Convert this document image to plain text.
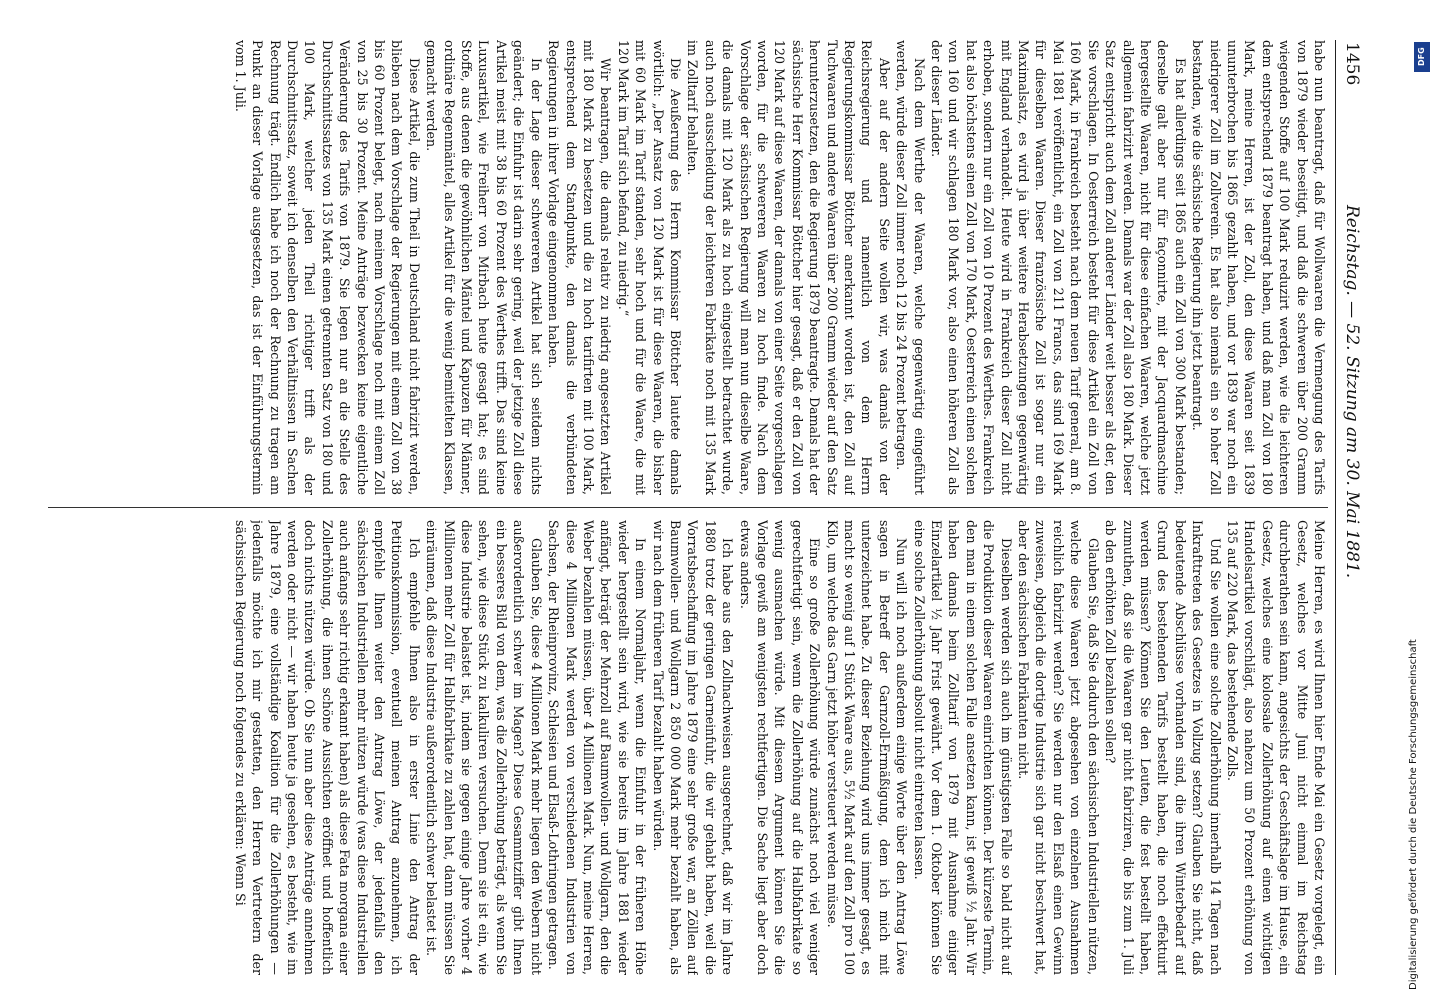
1456
Reichstag. — 52. Sitzung am 30. Mai 1881.

habe nun beantragt, daß für Wollwaaren die Vermengung des Tarifs von 1879 wieder beseitigt, und daß die schweren über 200 Gramm wiegenden Stoffe auf 100 Mark reduzirt werden, wie die leichteren dem entsprechend 1879 beantragt haben, und daß man Zoll von 180 Mark, meine Herren, ist der Zoll, den diese Waaren seit 1839 ununterbrochen bis 1865 gezahlt haben, und vor 1839 war noch ein niedrigerer Zoll im Zollverein. Es hat also niemals ein so hoher Zoll bestanden, wie die sächsische Regierung ihn jetzt beantragt.

Es hat allerdings seit 1865 auch ein Zoll von 300 Mark bestanden; derselbe galt aber nur für façonnirte, mit der Jacquardmaschine hergestellte Waaren, nicht für diese einfachen Waaren, welche jetzt allgemein fabrizirt werden. Damals war der Zoll also 180 Mark. Dieser Satz entspricht auch dem Zoll anderer Länder weit besser als der, den Sie vorschlagen. In Oesterreich besteht für diese Artikel ein Zoll von 160 Mark, in Frankreich besteht nach dem neuen Tarif general, am 8. Mai 1881 veröffentlicht, ein Zoll von 211 Francs, das sind 169 Mark für dieselben Waaren. Dieser französische Zoll ist sogar nur ein Maximalsatz, es wird ja über weitere Herabsetzungen gegenwärtig mit England verhandelt. Heute wird in Frankreich dieser Zoll nicht erhoben, sondern nur ein Zoll von 10 Prozent des Werthes. Frankreich hat also höchstens einen Zoll von 170 Mark, Oesterreich einen solchen von 160 und wir schlagen 180 Mark vor, also einen höheren Zoll als der dieser Länder.

Nach dem Werthe der Waaren, welche gegenwärtig eingeführt werden, würde dieser Zoll immer noch 12 bis 24 Prozent betragen.

Aber auf der andern Seite wollen wir, was damals von der Reichsregierung und namentlich von dem Herrn Regierungskommissar Böttcher anerkannt worden ist, den Zoll auf Tuchwaaren und andere Waaren über 200 Gramm wieder auf den Satz herunterzusetzen, den die Regierung 1879 beantragte. Damals hat der sächsische Herr Kommissar Böttcher hier gesagt, daß er den Zoll von 120 Mark auf diese Waaren, der damals von einer Seite vorgeschlagen worden, für die schwereren Waaren zu hoch finde. Nach dem Vorschlage der sächsischen Regierung will man nun dieselbe Waare, die damals mit 120 Mark als zu hoch eingestellt betrachtet wurde, auch noch ausscheidung der leichteren Fabrikate noch mit 135 Mark im Zolltarif behalten.

Die Aeußerung des Herrn Kommissar Böttcher lautete damals wörtlich: „Der Ansatz von 120 Mark ist für diese Waaren, die bisher mit 60 Mark im Tarif standen, sehr hoch und für die Waare, die mit 120 Mark im Tarif sich befand, zu niedrig.“

Wir beantragen, die damals relativ zu niedrig angesetzten Artikel mit 180 Mark zu besetzen und die zu hoch tarifirten mit 100 Mark, entsprechend dem Standpunkte, den damals die verbündeten Regierungen in ihrer Vorlage eingenommen haben.

In der Lage dieser schwereren Artikel hat sich seitdem nichts geändert; die Einfuhr ist darin sehr gering, weil der jetzige Zoll diese Artikel meist mit 38 bis 60 Prozent des Werthes trifft. Das sind keine Luxusartikel, wie Freiherr von Mirbach heute gesagt hat; es sind Stoffe, aus denen die gewöhnlichen Mäntel und Kapuzen für Männer, ordinäre Regenmäntel, alles Artikel für die wenig bemittelten Klassen, gemacht werden.

Diese Artikel, die zum Theil in Deutschland nicht fabrizirt werden, blieben nach dem Vorschlage der Regierungen mit einem Zoll von 38 bis 60 Prozent belegt, nach meinem Vorschlage noch mit einem Zoll von 25 bis 30 Prozent. Meine Anträge bezwecken keine eigentliche Veränderung des Tarifs von 1879. Sie legen nur an die Stelle des Durchschnittssatzes von 135 Mark einen getrennten Satz von 180 und 100 Mark, welcher jeden Theil richtiger trifft als der Durchschnittssatz, soweit ich denselben den Verhältnissen in Sachen Rechnung trägt. Endlich habe ich noch der Rechnung zu tragen am Punkt an dieser Vorlage ausgesetzen, das ist der Einführungstermin vom 1. Juli.

Meine Herren, es wird Ihnen hier Ende Mai ein Gesetz vorgelegt, ein Gesetz, welches vor Mitte Juni nicht einmal im Reichstag durchberathen sein kann, angesichts der Geschäftslage im Hause, ein Gesetz, welches eine kolossale Zollerhöhung auf einen wichtigen Handelsartikel vorschlägt, also nahezu um 50 Prozent erhöhung von 135 auf 220 Mark, das bestehende Zolls.

Und Sie wollen eine solche Zollerhöhung innerhalb 14 Tagen nach Inkrafttreten des Gesetzes in Vollzug setzen? Glauben Sie nicht, daß bedeutende Abschlüsse vorhanden sind, die ihren Winterbedarf auf Grund des bestehenden Tarifs bestellt haben, die noch effektuirt werden müssen? Können Sie den Leuten, die fest bestellt haben, zumuthen, daß sie die Waaren gar nicht fabriziren, die bis zum 1. Juli ab den erhöhten Zoll bezahlen sollen?

Glauben Sie, daß Sie dadurch den sächsischen Industriellen nützen, welche diese Waaren jetzt abgesehen von einzelnen Ausnahmen reichlich fabrizirt werden? Sie werden nur den Elsaß einen Gewinn zuweisen, obgleich die dortige Industrie sich gar nicht beschwert hat, aber den sächsischen Fabrikanten nicht.

Dieselben werden sich auch im günstigsten Falle so bald nicht auf die Produktion dieser Waaren einrichten können. Der kürzeste Termin, den man in einem solchen Falle ansetzen kann, ist gewiß ½ Jahr. Wir haben damals beim Zolltarif von 1879 mit Ausnahme einiger Einzelartikel ½ Jahr Frist gewährt. Vor dem 1. Oktober können Sie eine solche Zollerhöhung absolut nicht eintreten lassen.

Nun will ich noch außerdem einige Worte über den Antrag Löwe sagen in Betreff der Garnzoll-Ermäßigung, dem ich mich mit unterzeichnet habe. Zu dieser Beziehung wird uns immer gesagt, es macht so wenig auf 1 Stück Waare aus, 5½ Mark auf den Zoll pro 100 Kilo, um welche das Garn jetzt höher versteuert werden müsse.

Eine so große Zollerhöhung würde zunächst noch viel weniger gerechtfertigt sein, wenn die Zollerhöhung auf die Halbfabrikate so wenig ausmachen würde. Mit diesem Argument können Sie die Vorlage gewiß am wenigsten rechtfertigen. Die Sache liegt aber doch etwas anders.

Ich habe aus den Zollnachweisen ausgerechnet, daß wir im Jahre 1880 trotz der geringen Garneinfuhr, die wir gehabt haben, weil die Vorratsbeschaffung im Jahre 1879 eine sehr große war, an Zöllen auf Baumwollen- und Wollgarn 2 850 000 Mark mehr bezahlt haben, als wir nach dem früheren Tarif bezahlt haben würden.

In einem Normaljahr, wenn die Einfuhr in der früheren Höhe wieder hergestellt sein wird, wie sie bereits im Jahre 1881 wieder anfängt, beträgt der Mehrzoll auf Baumwollen- und Wollgarn, den die Weber bezahlen müssen, über 4 Millionen Mark. Nun, meine Herren, diese 4 Millionen Mark werden von verschiedenen Industrien von Sachsen, der Rheinprovinz, Schlesien und Elsaß-Lothringen getragen.

Glauben Sie, diese 4 Millionen Mark mehr liegen den Webern nicht außerordentlich schwer im Magen? Diese Gesammtziffer gibt Ihnen ein besseres Bild von dem, was die Zollerhöhung beträgt, als wenn Sie sehen, wie diese Stück zu kalkuliren versuchen. Denn sie ist ein, wie diese Industrie belastet ist, indem sie gegen einige Jahre vorher 4 Millionen mehr Zoll für Halbfabrikate zu zahlen hat, dann müssen Sie einräumen, daß diese Industrie außerordentlich schwer belastet ist.

Ich empfehle Ihnen also in erster Linie den Antrag der Petitionskommission, eventuell meinen Antrag anzunehmen, ich empfehle Ihnen weiter den Antrag Löwe, der jedenfalls den sächsischen Industriellen mehr nützen würde (was diese Industriellen auch anfangs sehr richtig erkannt haben) als diese Fata morgana einer Zollerhöhung, die ihnen schöne Aussichten eröffnet und hoffentlich doch nichts nützen würde. Ob Sie nun aber diese Anträge annehmen werden oder nicht — wir haben heute ja gesehen, es besteht, wie im Jahre 1879, eine vollständige Koalition für die Zollerhöhungen — jedenfalls möchte ich mir gestatten, den Herren Vertretern der sächsischen Regierung noch folgendes zu erklären: Wenn Si

DFG
Digitalisierung gefördert durch die Deutsche Forschungsgemeinschaft
